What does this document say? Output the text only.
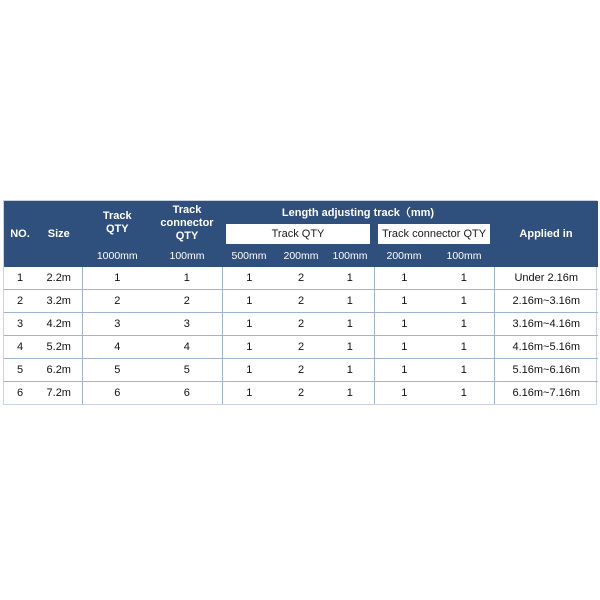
NO.	Size	Track QTY	Track connector QTY	Length adjusting track（mm)					Applied in

				Track QTY			Track connector QTY		

		1000mm	100mm	500mm	200mm	100mm	200mm	100mm	
1	2.2m	1	1	1	2	1	1	1	Under 2.16m
2	3.2m	2	2	1	2	1	1	1	2.16m~3.16m
3	4.2m	3	3	1	2	1	1	1	3.16m~4.16m
4	5.2m	4	4	1	2	1	1	1	4.16m~5.16m
5	6.2m	5	5	1	2	1	1	1	5.16m~6.16m
6	7.2m	6	6	1	2	1	1	1	6.16m~7.16m
